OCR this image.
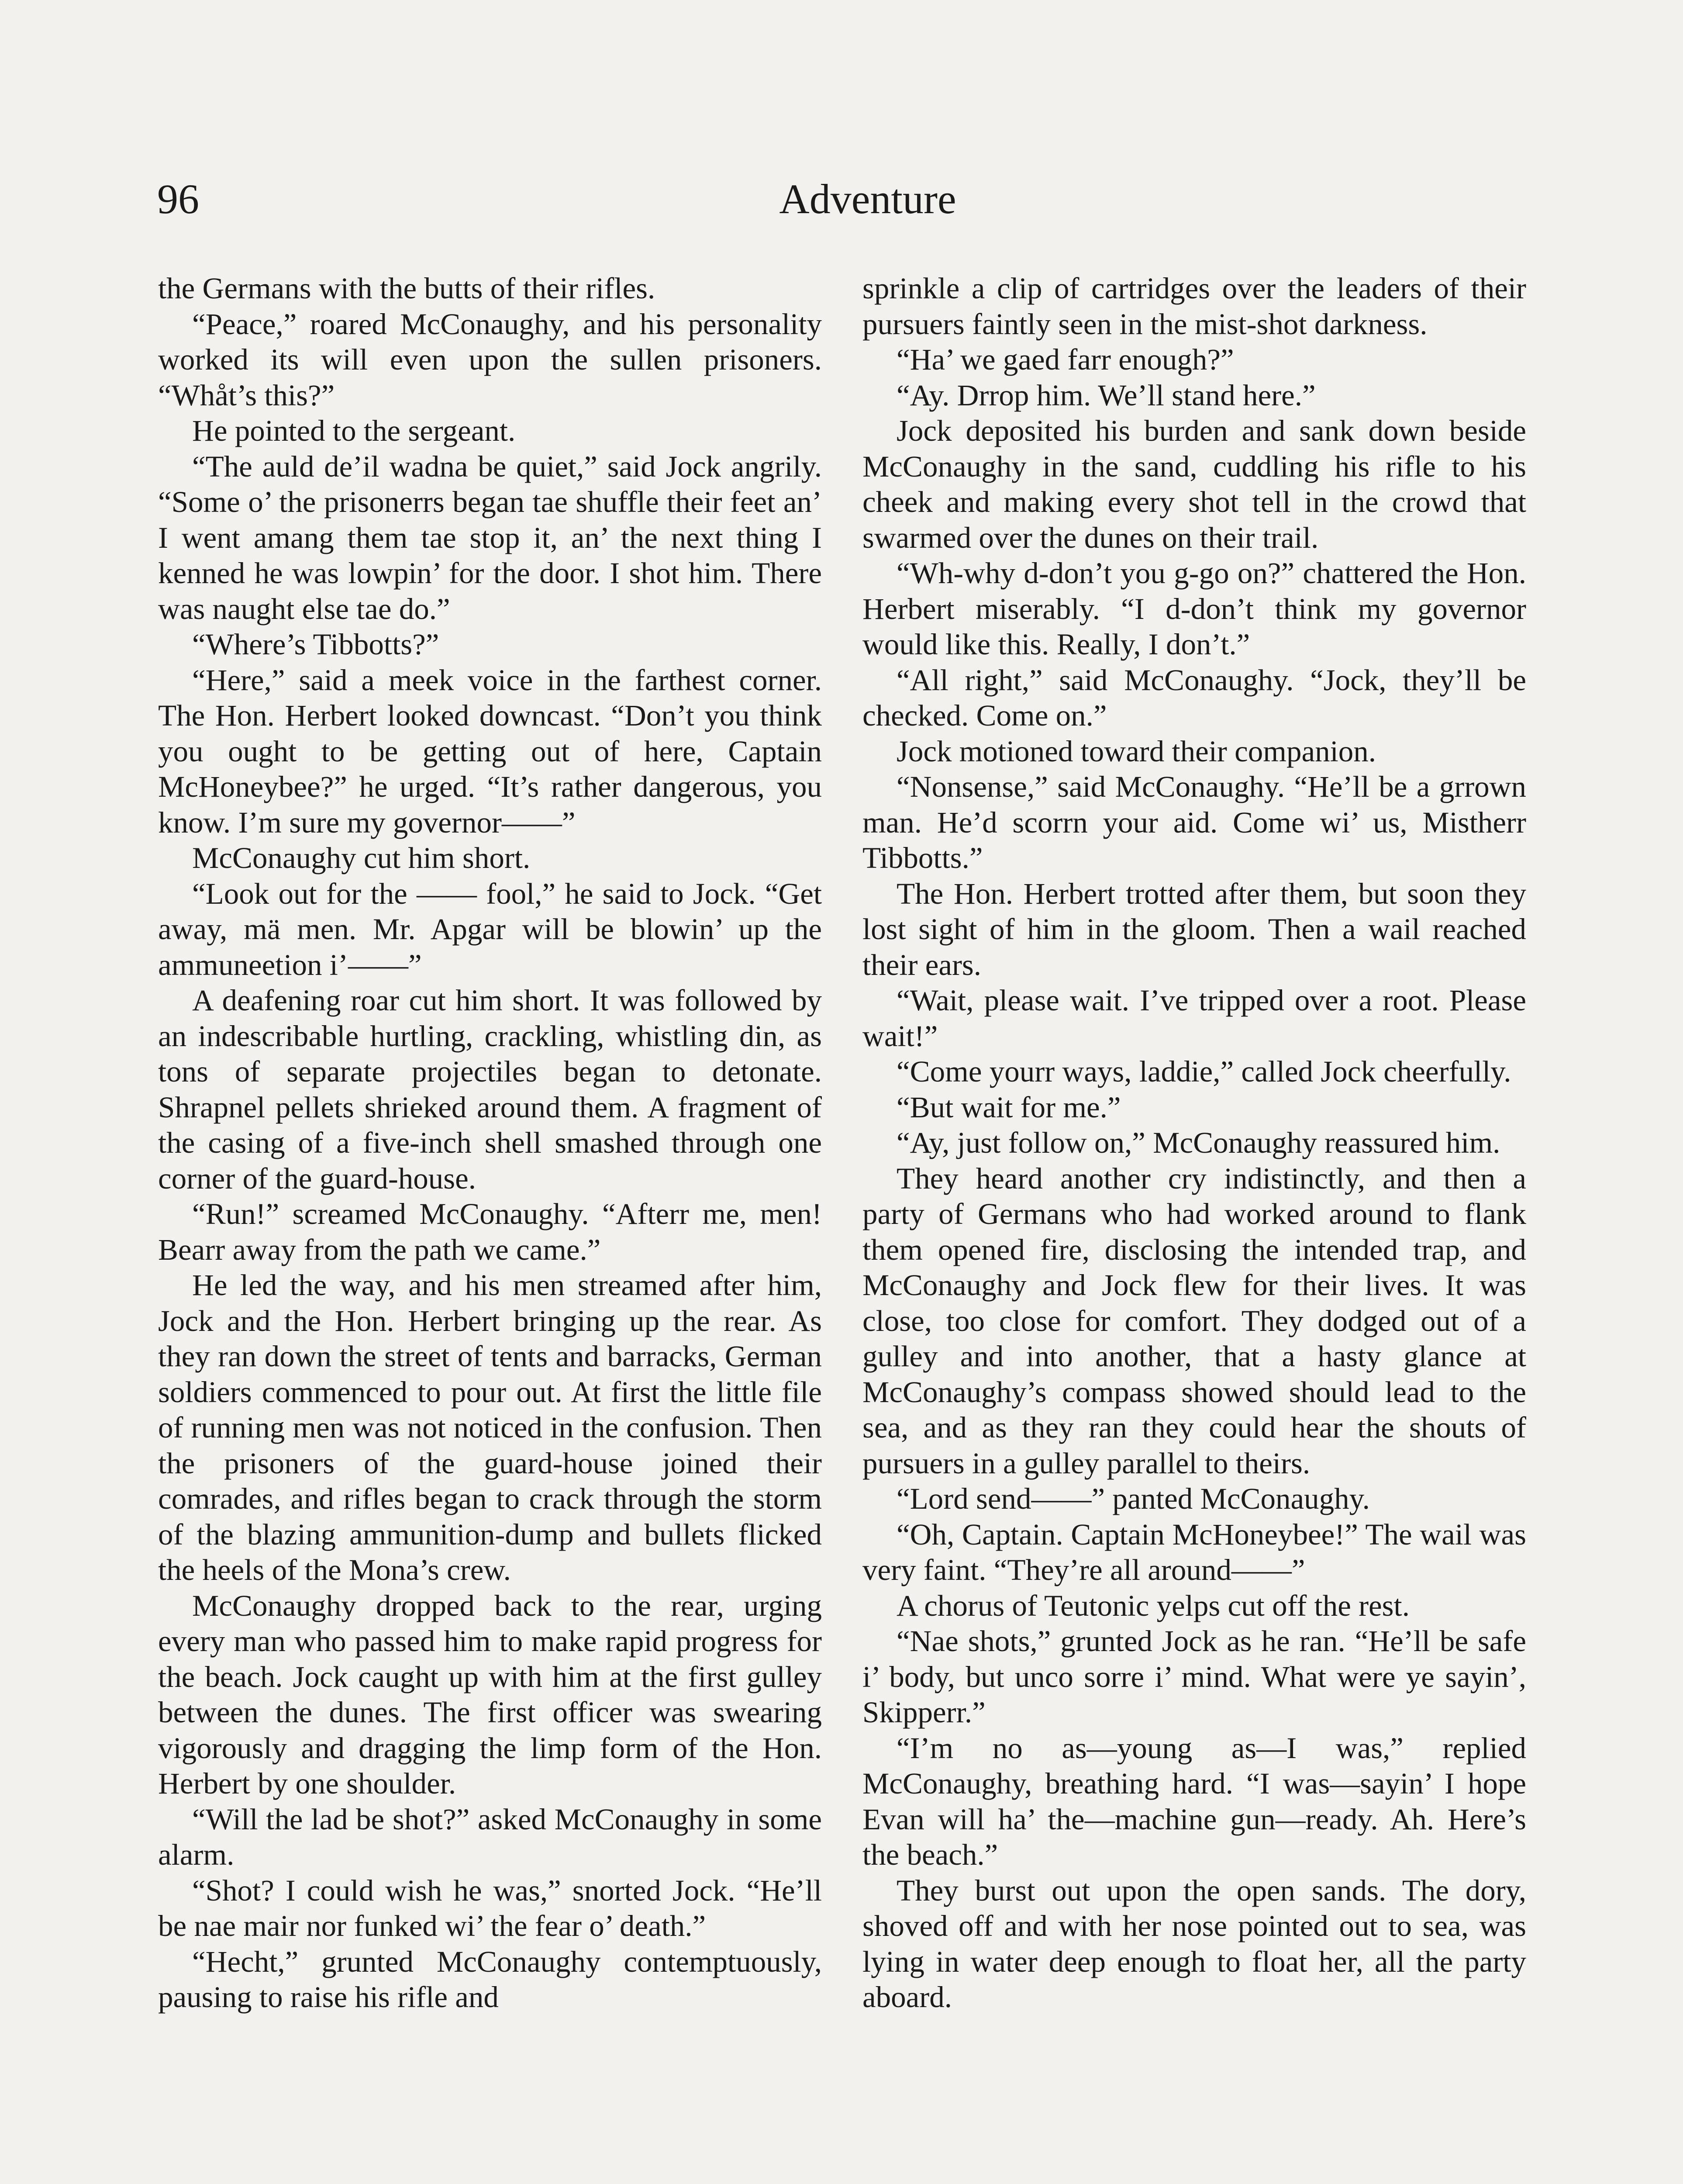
96	Adventure

the Germans with the butts of their rifles.

“Peace,” roared McConaughy, and his personality worked its will even upon the sullen prisoners. “Whåt’s this?”

He pointed to the sergeant.

“The auld de’il wadna be quiet,” said Jock angrily. “Some o’ the prisonerrs began tae shuffle their feet an’ I went amang them tae stop it, an’ the next thing I kenned he was lowpin’ for the door. I shot him. There was naught else tae do.”

“Where’s Tibbotts?”

“Here,” said a meek voice in the farthest corner. The Hon. Herbert looked downcast. “Don’t you think you ought to be getting out of here, Captain McHoneybee?” he urged. “It’s rather dangerous, you know. I’m sure my governor——”

McConaughy cut him short.

“Look out for the —— fool,” he said to Jock. “Get away, mä men. Mr. Apgar will be blowin’ up the ammuneetion i’——”

A deafening roar cut him short. It was followed by an indescribable hurtling, crackling, whistling din, as tons of separate projectiles began to detonate. Shrapnel pellets shrieked around them. A fragment of the casing of a five-inch shell smashed through one corner of the guard-house.

“Run!” screamed McConaughy. “Afterr me, men! Bearr away from the path we came.”

He led the way, and his men streamed after him, Jock and the Hon. Herbert bringing up the rear. As they ran down the street of tents and barracks, German soldiers commenced to pour out. At first the little file of running men was not noticed in the confusion. Then the prisoners of the guard-house joined their comrades, and rifles began to crack through the storm of the blazing ammunition-dump and bullets flicked the heels of the Mona’s crew.

McConaughy dropped back to the rear, urging every man who passed him to make rapid progress for the beach. Jock caught up with him at the first gulley between the dunes. The first officer was swearing vigorously and dragging the limp form of the Hon. Herbert by one shoulder.

“Will the lad be shot?” asked McConaughy in some alarm.

“Shot? I could wish he was,” snorted Jock. “He’ll be nae mair nor funked wi’ the fear o’ death.”

“Hecht,” grunted McConaughy contemptuously, pausing to raise his rifle and

sprinkle a clip of cartridges over the leaders of their pursuers faintly seen in the mist-shot darkness.

“Ha’ we gaed farr enough?”

“Ay. Drrop him. We’ll stand here.”

Jock deposited his burden and sank down beside McConaughy in the sand, cuddling his rifle to his cheek and making every shot tell in the crowd that swarmed over the dunes on their trail.

“Wh-why d-don’t you g-go on?” chattered the Hon. Herbert miserably. “I d-don’t think my governor would like this. Really, I don’t.”

“All right,” said McConaughy. “Jock, they’ll be checked. Come on.”

Jock motioned toward their companion.

“Nonsense,” said McConaughy. “He’ll be a grrown man. He’d scorrn your aid. Come wi’ us, Mistherr Tibbotts.”

The Hon. Herbert trotted after them, but soon they lost sight of him in the gloom. Then a wail reached their ears.

“Wait, please wait. I’ve tripped over a root. Please wait!”

“Come yourr ways, laddie,” called Jock cheerfully.

“But wait for me.”

“Ay, just follow on,” McConaughy reassured him.

They heard another cry indistinctly, and then a party of Germans who had worked around to flank them opened fire, disclosing the intended trap, and McConaughy and Jock flew for their lives. It was close, too close for comfort. They dodged out of a gulley and into another, that a hasty glance at McConaughy’s compass showed should lead to the sea, and as they ran they could hear the shouts of pursuers in a gulley parallel to theirs.

“Lord send——” panted McConaughy.

“Oh, Captain. Captain McHoneybee!” The wail was very faint. “They’re all around——”

A chorus of Teutonic yelps cut off the rest.

“Nae shots,” grunted Jock as he ran. “He’ll be safe i’ body, but unco sorre i’ mind. What were ye sayin’, Skipperr.”

“I’m no as—young as—I was,” replied McConaughy, breathing hard. “I was—sayin’ I hope Evan will ha’ the—machine gun—ready. Ah. Here’s the beach.”

They burst out upon the open sands. The dory, shoved off and with her nose pointed out to sea, was lying in water deep enough to float her, all the party aboard.
